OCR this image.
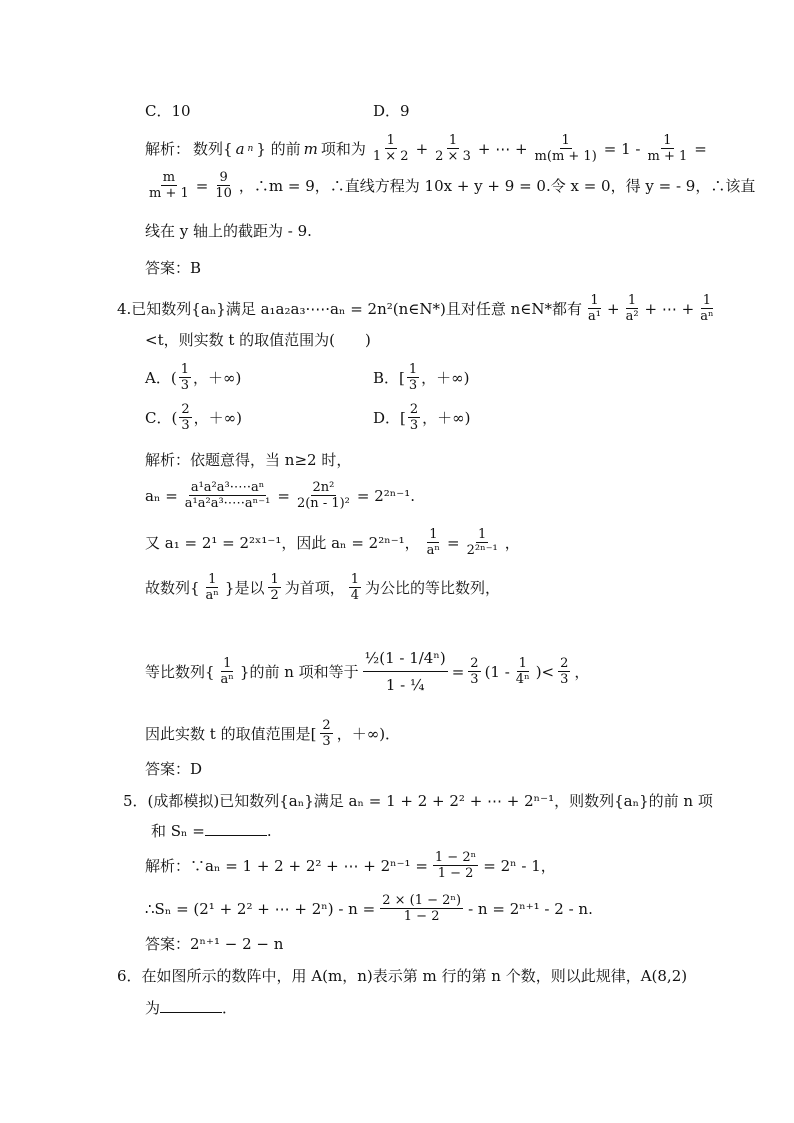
C．10	D．9
解析： 数列{ a n } 的前 m 项和为 $\frac{1}{1 \times 2} + \frac{1}{2 \times 3}$ + ⋯ + $\frac{1}{m(m + 1)} = 1 - \frac{1}{m + 1}$ =
$\frac{m}{m + 1} = \frac{9}{10}$ ，∴m = 9，∴直线方程为 10x + y + 9 = 0.令 x = 0，得 y = - 9，∴该直
线在 y 轴上的截距为 - 9.
答案：B
4.已知数列{aₙ}满足 a₁a₂a₃·⋯·aₙ = 2n²(n∈N*)且对任意 n∈N*都有 $\frac{1}{\text{a¹}} + \frac{1}{\text{a²}}$ + ⋯ + $\frac{1}{\text{aⁿ}}$
<t，则实数 t 的取值范围为(　　)
A．( $\frac{1}{3}$ ，＋∞)	B．[ $\frac{1}{3}$ ，＋∞)
C．( $\frac{2}{3}$ ，＋∞)	D．[ $\frac{2}{3}$ ，＋∞)
解析：依题意得，当 n≥2 时，
$a_n = \frac{\text{a¹a²a³·⋯·aⁿ}}{\text{a¹a²a³·⋯·aⁿ⁻¹}} = \frac{\text{2n²}}{\text{2(n - 1)²}} = 2^{2n-1}$.
又 a₁ = 2¹ = 2²ˣ¹⁻¹，因此 aₙ = 2²ⁿ⁻¹， $\frac{1}{\text{aⁿ}} = \frac{1}{\text{2²ⁿ⁻¹}}$ ，
故数列{ $\frac{1}{\text{aⁿ}}$ }是以 $\frac{1}{2}$ 为首项， $\frac{1}{4}$ 为公比的等比数列，
等比数列{ $\frac{1}{\text{aⁿ}}$ }的前 n 项和等于 $\frac{\text{½(1 - 1/4ⁿ)}}{\text{1 - ¼}} = \frac{2}{3} (1 - \frac{1}{\text{4ⁿ}}$ )< $\frac{2}{3}$ ，
因此实数 t 的取值范围是[ $\frac{2}{3}$ ，＋∞)．
答案：D
5．(成都模拟)已知数列{aₙ}满足 aₙ = 1 + 2 + 2² + ⋯ + 2ⁿ⁻¹，则数列{aₙ}的前 n 项
和 Sₙ =	.
解析：∵aₙ = 1 + 2 + 2² + ⋯ + $2^{n-1} = \frac{\text{1 − 2ⁿ}}{1 - 2} = 2^n - 1$，
∴Sₙ = (2¹ + 2² + ⋯ + $2^n) - n = \frac{\text{2 × (1 − 2ⁿ)}}{1 - 2} - n = 2^{n+1} - 2 - n$.
答案：2ⁿ⁺¹ − 2 − n
6．在如图所示的数阵中，用 A(m，n)表示第 m 行的第 n 个数，则以此规律，A(8,2)
为	．
